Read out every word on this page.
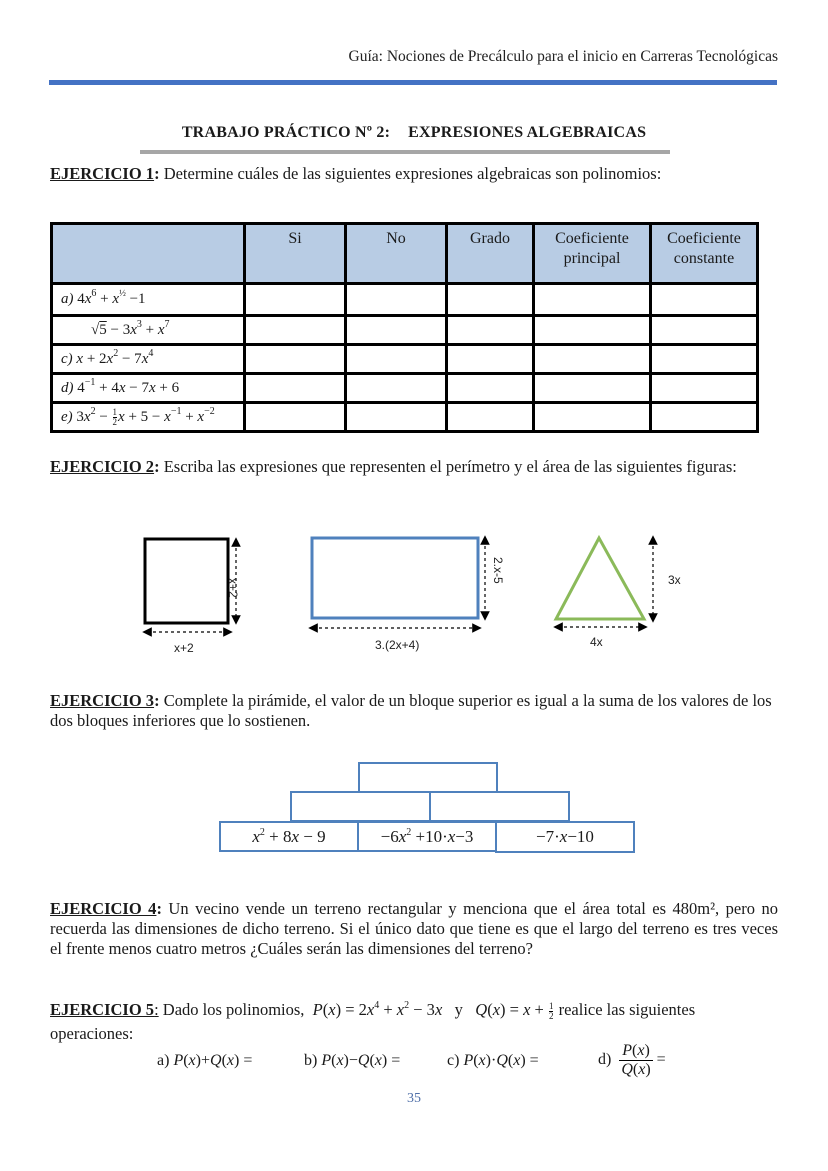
Guía: Nociones de Precálculo para el inicio en Carreras Tecnológicas
TRABAJO PRÁCTICO Nº 2: EXPRESIONES ALGEBRAICAS
EJERCICIO 1: Determine cuáles de las siguientes expresiones algebraicas son polinomios:
	Si	No	Grado	Coeficiente principal	Coeficiente constante
a) $4x^6 + x^{\frac{1}{2}} -1$					
$√5 - 3x^3 + x^7$					
c) $x + 2x^2 - 7x^4$					
d) $4^{-1} + 4x - 7x + 6$					
e) $3x^2 - \frac{1}{2}$ $x + 5 - x^{-1} + x^{-2}$					
EJERCICIO 2: Escriba las expresiones que representen el perímetro y el área de las siguientes figuras:
x+2
x+2
2.x-5
3.(2x+4)
3x
4x
EJERCICIO 3: Complete la pirámide, el valor de un bloque superior es igual a la suma de los valores de los dos bloques inferiores que lo sostienen.
$x^2 + 8x - 9$	$-6x^2 +10\cdot x-3$	−7·x−10
EJERCICIO 4: Un vecino vende un terreno rectangular y menciona que el área total es 480m², pero no recuerda las dimensiones de dicho terreno. Si el único dato que tiene es que el largo del terreno es tres veces el frente menos cuatro metros ¿Cuáles serán las dimensiones del terreno?
EJERCICIO 5: Dado los polinomios, $P(x) = 2x^4 + x^2 - 3x$ y $Q(x) = x + \frac{1}{2}$ realice las siguientes operaciones:
a) P(x)+Q(x) =	b) P(x)−Q(x) =	c) P(x)·Q(x) =	$d) \frac{P(x)}{Q(x)}$ =
35
